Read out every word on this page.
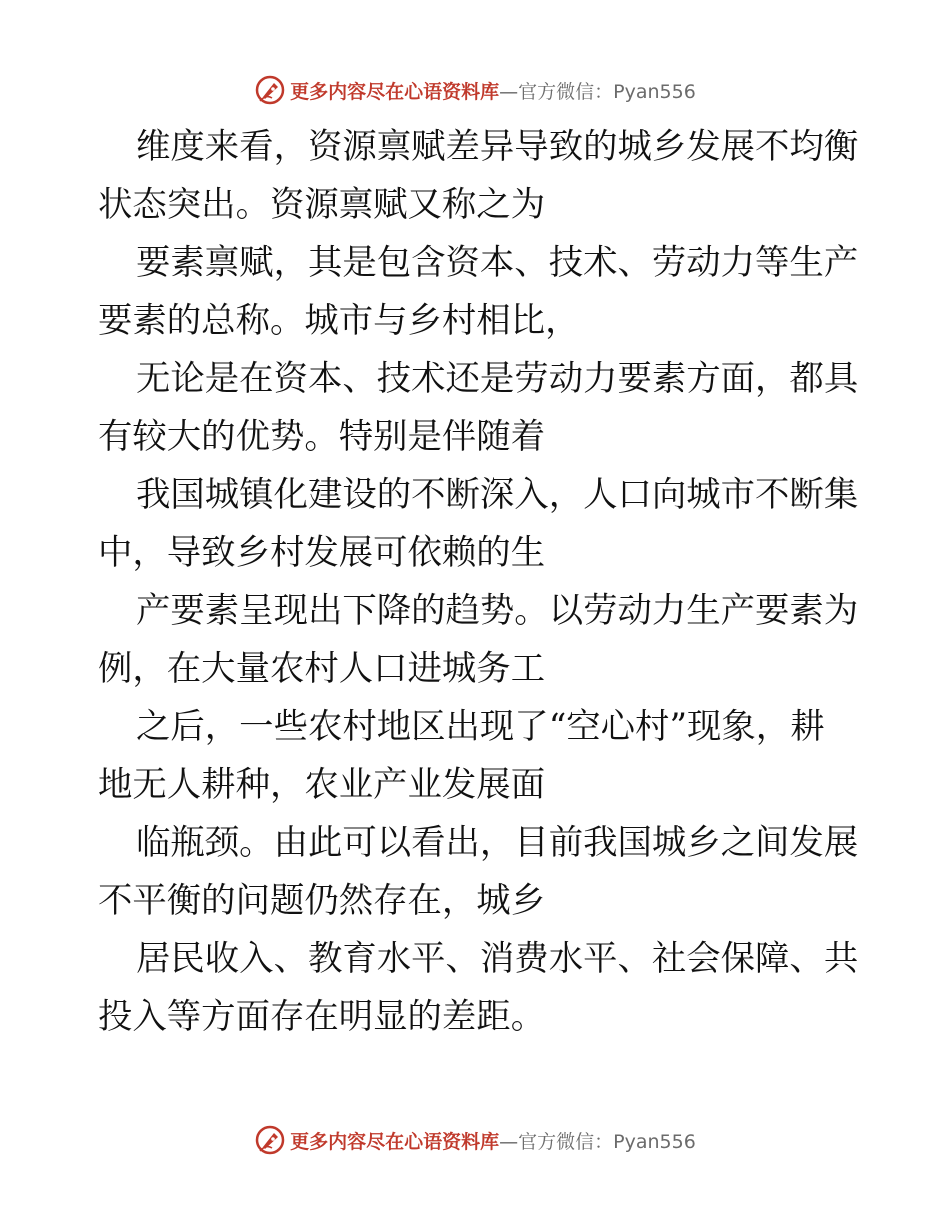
更多内容尽在心语资料库—官方微信：Pyan556

维度来看，资源禀赋差异导致的城乡发展不均衡
状态突出。资源禀赋又称之为

要素禀赋，其是包含资本、技术、劳动力等生产
要素的总称。城市与乡村相比，

无论是在资本、技术还是劳动力要素方面，都具
有较大的优势。特别是伴随着

我国城镇化建设的不断深入，人口向城市不断集
中，导致乡村发展可依赖的生

产要素呈现出下降的趋势。以劳动力生产要素为
例，在大量农村人口进城务工

之后，一些农村地区出现了“空心村”现象，耕
地无人耕种，农业产业发展面

临瓶颈。由此可以看出，目前我国城乡之间发展
不平衡的问题仍然存在，城乡

居民收入、教育水平、消费水平、社会保障、共
投入等方面存在明显的差距。

更多内容尽在心语资料库—官方微信：Pyan556
